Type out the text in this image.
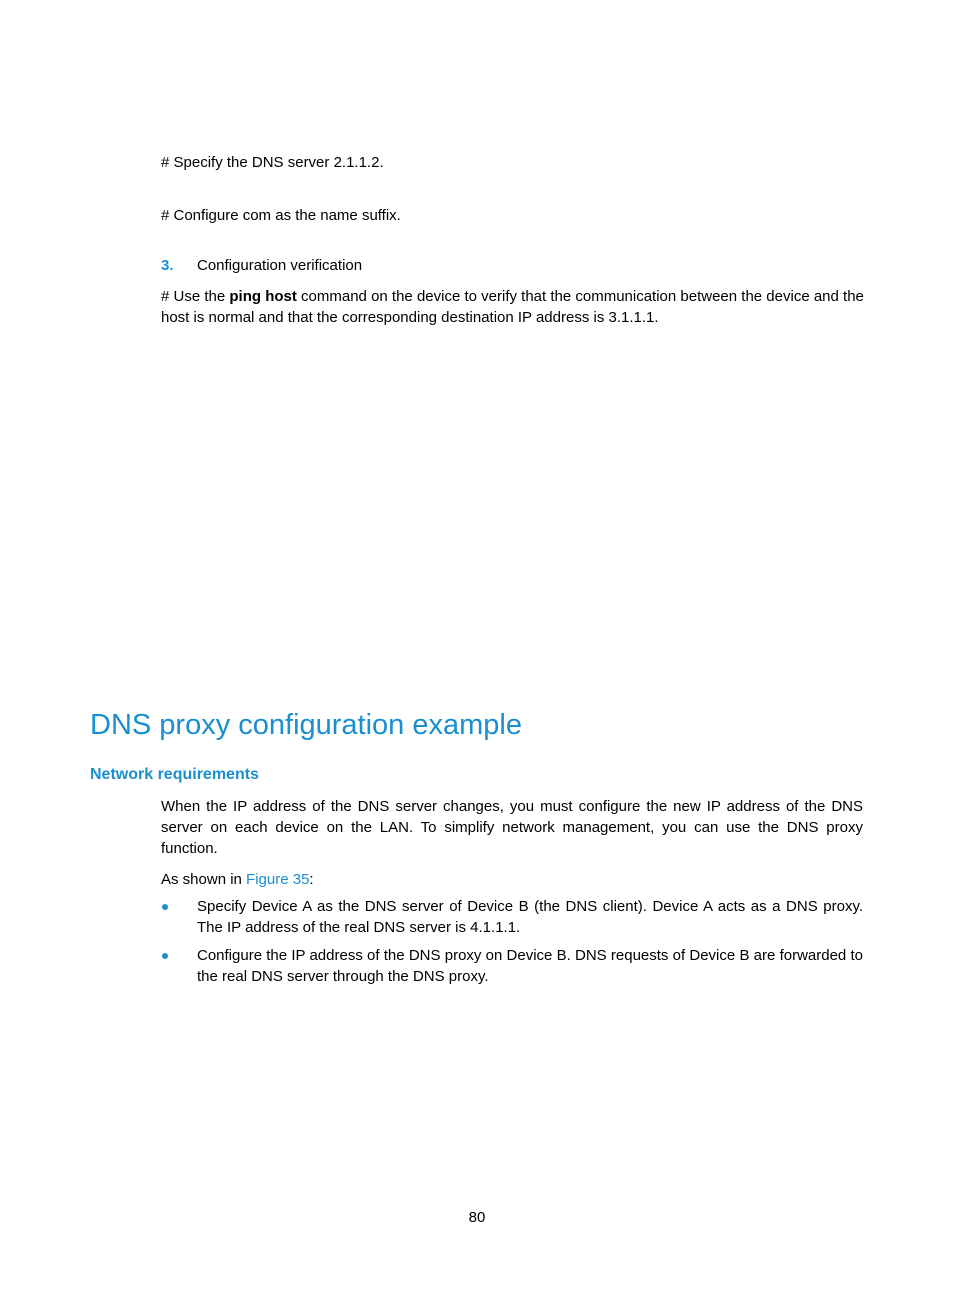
# Specify the DNS server 2.1.1.2.
# Configure com as the name suffix.
3. Configuration verification
# Use the ping host command on the device to verify that the communication between the device and the
host is normal and that the corresponding destination IP address is 3.1.1.1.
DNS proxy configuration example
Network requirements
When the IP address of the DNS server changes, you must configure the new IP address of the DNS server on each device on the LAN. To simplify network management, you can use the DNS proxy function.
As shown in Figure 35:
Specify Device A as the DNS server of Device B (the DNS client). Device A acts as a DNS proxy. The IP address of the real DNS server is 4.1.1.1.
Configure the IP address of the DNS proxy on Device B. DNS requests of Device B are forwarded to the real DNS server through the DNS proxy.
80
